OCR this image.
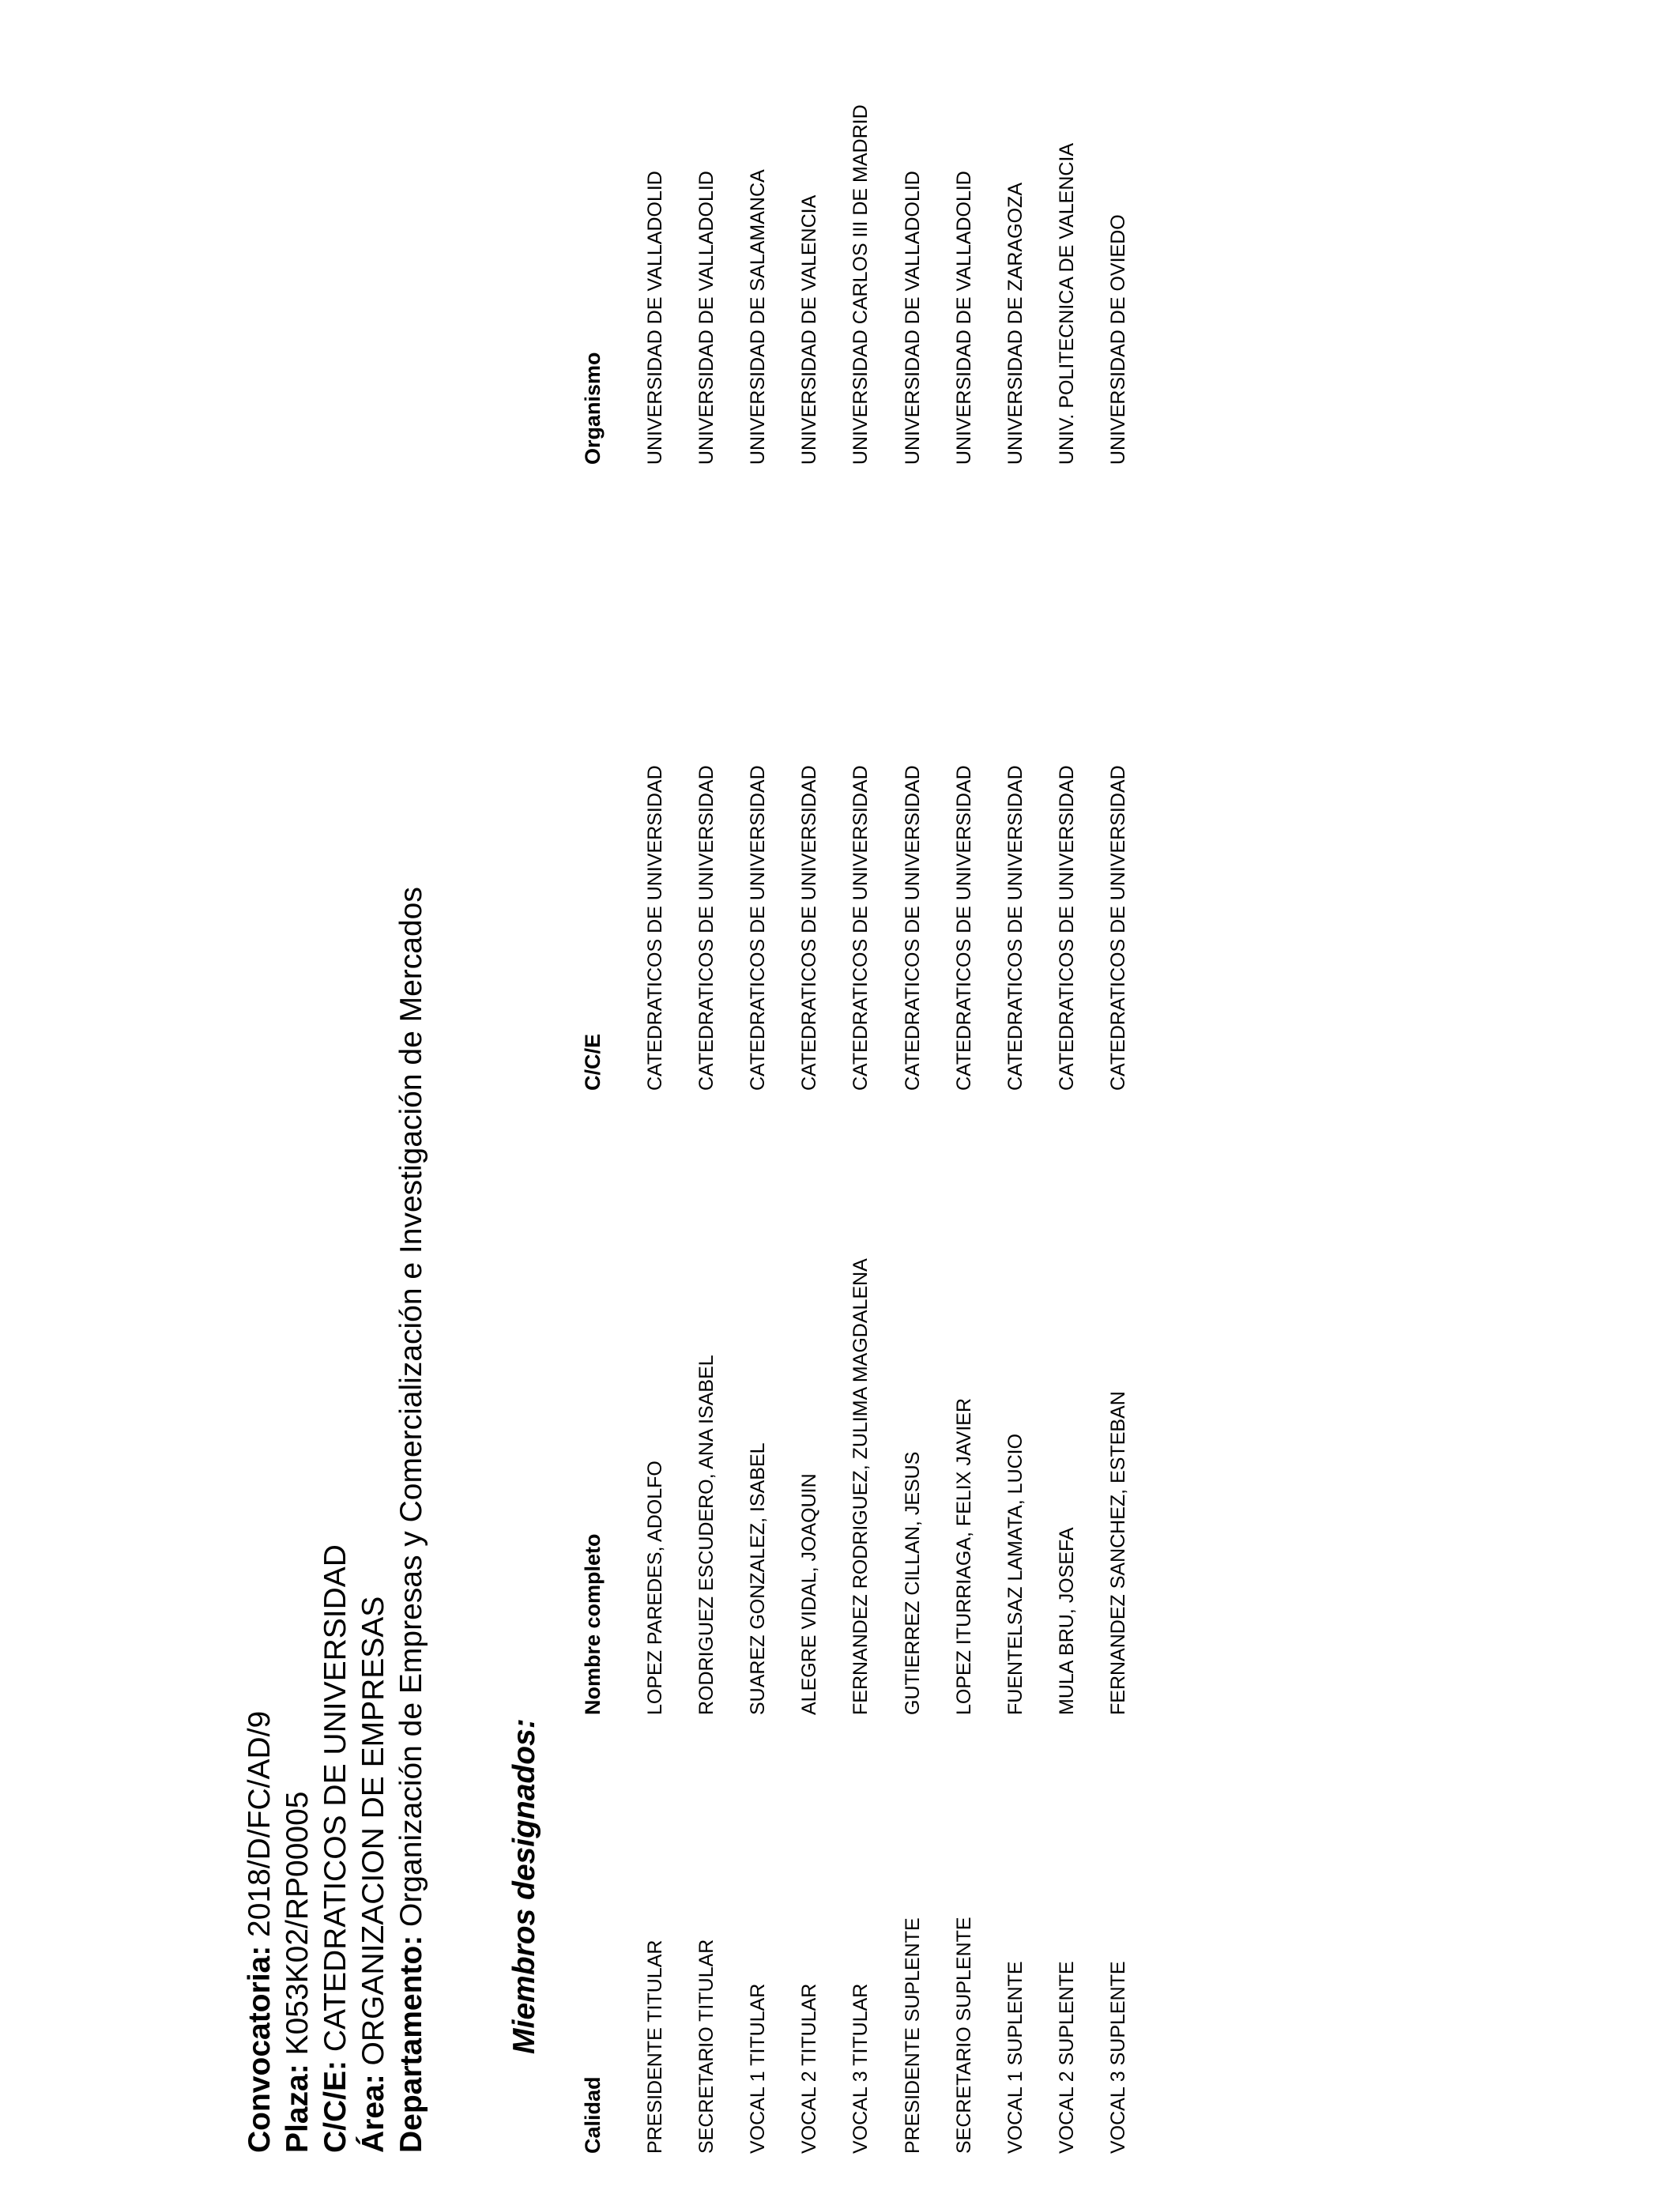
Convocatoria: 2018/D/FC/AD/9
Plaza: K053K02/RP00005
C/C/E: CATEDRATICOS DE UNIVERSIDAD
Área: ORGANIZACION DE EMPRESAS Departamento: Organización de Empresas y Comercialización e Investigación de Mercados	Miembros designados:
Calidad
Nombre completo
C/C/E
Organismo
PRESIDENTE TITULAR
LOPEZ PAREDES, ADOLFO
CATEDRATICOS DE UNIVERSIDAD
UNIVERSIDAD DE VALLADOLID
SECRETARIO TITULAR
RODRIGUEZ ESCUDERO, ANA ISABEL
CATEDRATICOS DE UNIVERSIDAD
UNIVERSIDAD DE VALLADOLID
VOCAL 1 TITULAR
SUAREZ GONZALEZ, ISABEL
CATEDRATICOS DE UNIVERSIDAD
UNIVERSIDAD DE SALAMANCA
VOCAL 2 TITULAR
ALEGRE VIDAL, JOAQUIN
CATEDRATICOS DE UNIVERSIDAD
UNIVERSIDAD DE VALENCIA
VOCAL 3 TITULAR
FERNANDEZ RODRIGUEZ, ZULIMA MAGDALENA
CATEDRATICOS DE UNIVERSIDAD
UNIVERSIDAD CARLOS III DE MADRID
PRESIDENTE SUPLENTE
GUTIERREZ CILLAN, JESUS
CATEDRATICOS DE UNIVERSIDAD
UNIVERSIDAD DE VALLADOLID
SECRETARIO SUPLENTE
LOPEZ ITURRIAGA, FELIX JAVIER
CATEDRATICOS DE UNIVERSIDAD
UNIVERSIDAD DE VALLADOLID
VOCAL 1 SUPLENTE
FUENTELSAZ LAMATA, LUCIO
CATEDRATICOS DE UNIVERSIDAD
UNIVERSIDAD DE ZARAGOZA
VOCAL 2 SUPLENTE
MULA BRU, JOSEFA
CATEDRATICOS DE UNIVERSIDAD
UNIV. POLITECNICA DE VALENCIA
VOCAL 3 SUPLENTE
FERNANDEZ SANCHEZ, ESTEBAN
CATEDRATICOS DE UNIVERSIDAD
UNIVERSIDAD DE OVIEDO
